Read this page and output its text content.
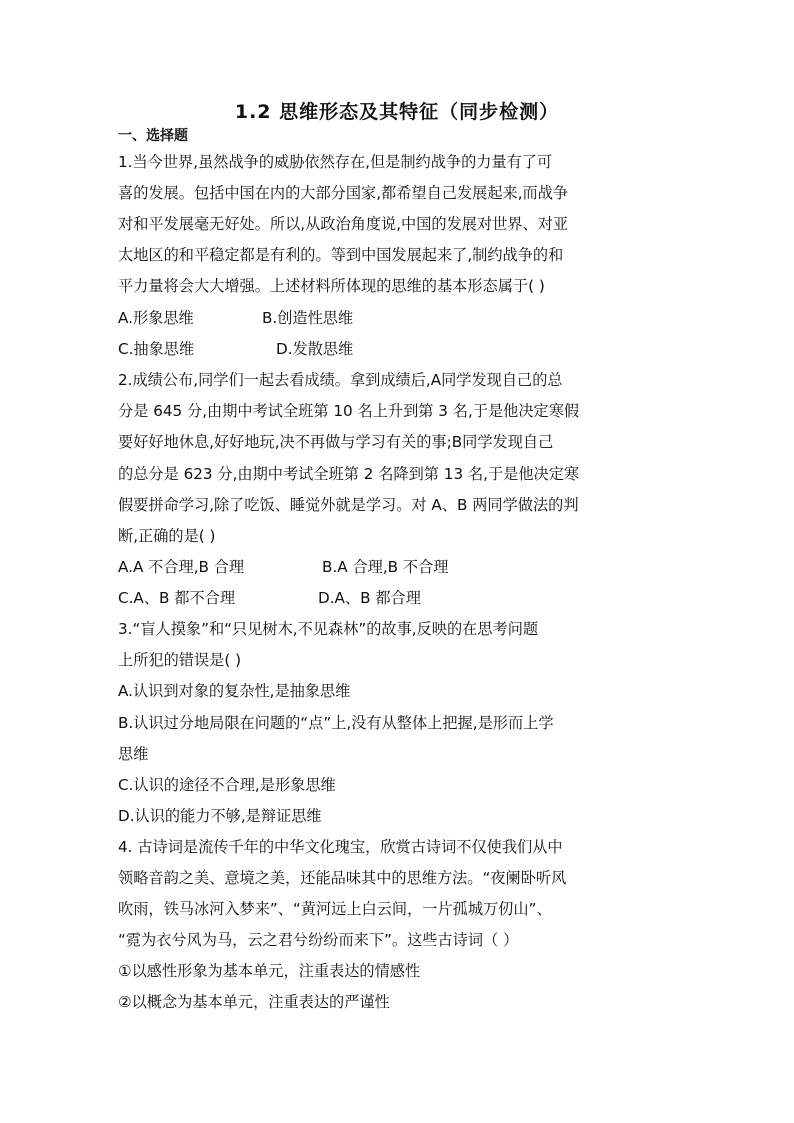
1.2 思维形态及其特征（同步检测）
一、选择题
1.当今世界,虽然战争的威胁依然存在,但是制约战争的力量有了可
喜的发展。包括中国在内的大部分国家,都希望自己发展起来,而战争
对和平发展毫无好处。所以,从政治角度说,中国的发展对世界、对亚
太地区的和平稳定都是有利的。等到中国发展起来了,制约战争的和
平力量将会大大增强。上述材料所体现的思维的基本形态属于( )
A.形象思维	B.创造性思维
C.抽象思维	D.发散思维
2.成绩公布,同学们一起去看成绩。拿到成绩后,A同学发现自己的总
分是 645 分,由期中考试全班第 10 名上升到第 3 名,于是他决定寒假
要好好地休息,好好地玩,决不再做与学习有关的事;B同学发现自己
的总分是 623 分,由期中考试全班第 2 名降到第 13 名,于是他决定寒
假要拼命学习,除了吃饭、睡觉外就是学习。对 A、B 两同学做法的判
断,正确的是( )
A.A 不合理,B 合理	B.A 合理,B 不合理
C.A、B 都不合理	D.A、B 都合理
3.“盲人摸象”和“只见树木,不见森林”的故事,反映的在思考问题
上所犯的错误是( )
A.认识到对象的复杂性,是抽象思维
B.认识过分地局限在问题的“点”上,没有从整体上把握,是形而上学
思维
C.认识的途径不合理,是形象思维
D.认识的能力不够,是辩证思维
4. 古诗词是流传千年的中华文化瑰宝，欣赏古诗词不仅使我们从中
领略音韵之美、意境之美，还能品味其中的思维方法。“夜阑卧听风
吹雨，铁马冰河入梦来”、“黄河远上白云间，一片孤城万仞山”、
“霓为衣兮风为马，云之君兮纷纷而来下”。这些古诗词（ ）
①以感性形象为基本单元，注重表达的情感性
②以概念为基本单元，注重表达的严谨性
